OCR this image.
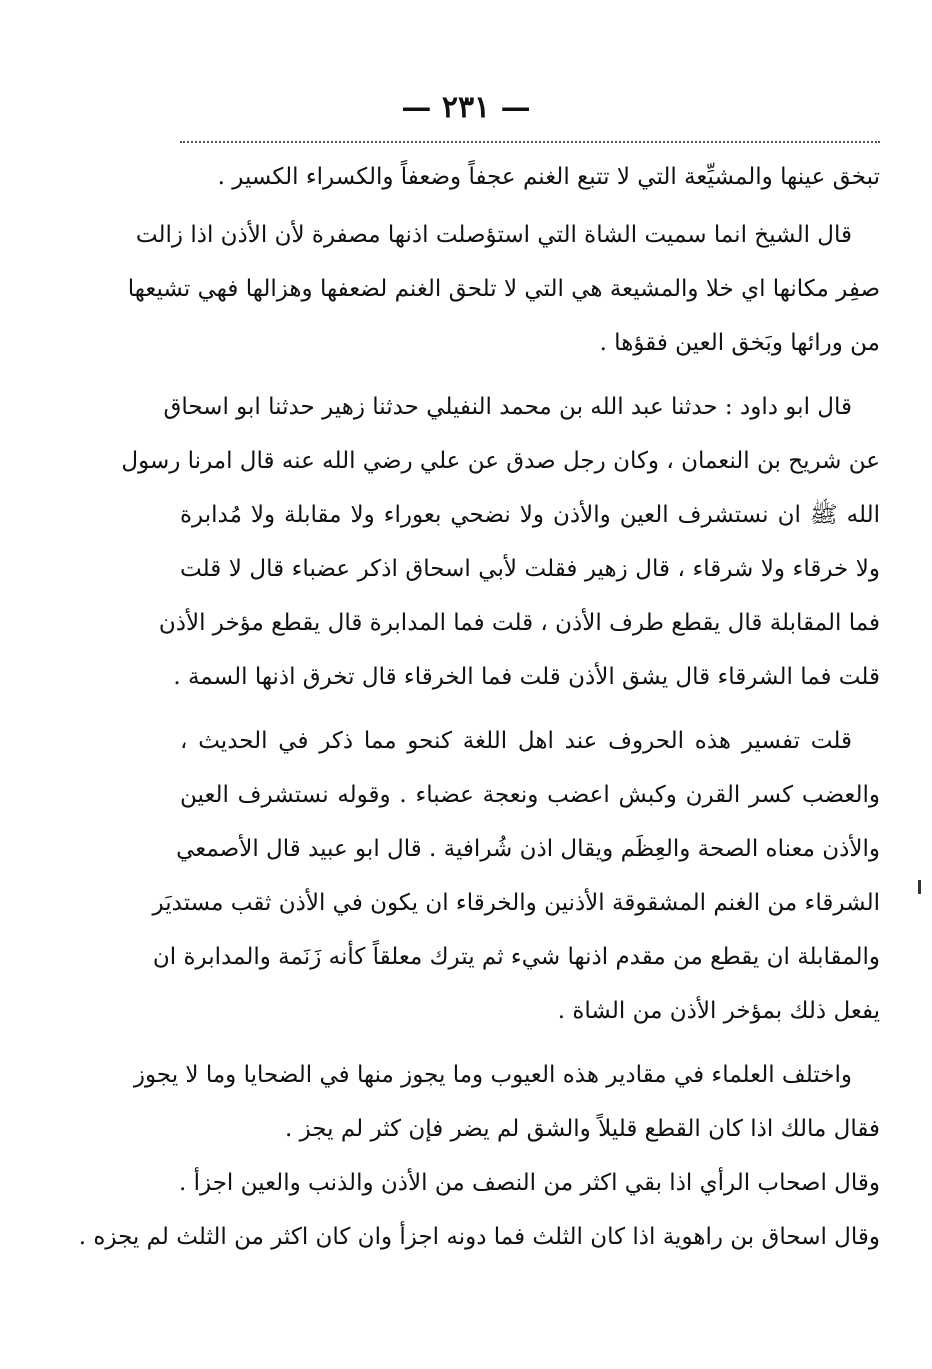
— ٢٣١ —
تبخق عينها والمشيِّعة التي لا تتبع الغنم عجفاً وضعفاً والكسراء الكسير .
قال الشيخ انما سميت الشاة التي استؤصلت اذنها مصفرة لأن الأذن اذا زالت
صفِر مكانها اي خلا والمشيعة هي التي لا تلحق الغنم لضعفها وهزالها فهي تشيعها
من ورائها وبَخق العين فقؤها .
قال ابو داود : حدثنا عبد الله بن محمد النفيلي حدثنا زهير حدثنا ابو اسحاق
عن شريح بن النعمان ، وكان رجل صدق عن علي رضي الله عنه قال امرنا رسول
الله ﷺ ان نستشرف العين والأذن ولا نضحي بعوراء ولا مقابلة ولا مُدابرة
ولا خرقاء ولا شرقاء ، قال زهير فقلت لأبي اسحاق اذكر عضباء قال لا قلت
فما المقابلة قال يقطع طرف الأذن ، قلت فما المدابرة قال يقطع مؤخر الأذن
قلت فما الشرقاء قال يشق الأذن قلت فما الخرقاء قال تخرق اذنها السمة .
قلت تفسير هذه الحروف عند اهل اللغة كنحو مما ذكر في الحديث ،
والعضب كسر القرن وكبش اعضب ونعجة عضباء . وقوله نستشرف العين
والأذن معناه الصحة والعِظَم ويقال اذن شُرافية . قال ابو عبيد قال الأصمعي
الشرقاء من الغنم المشقوقة الأذنين والخرقاء ان يكون في الأذن ثقب مستديَر
والمقابلة ان يقطع من مقدم اذنها شيء ثم يترك معلقاً كأنه زَنَمة والمدابرة ان
يفعل ذلك بمؤخر الأذن من الشاة .
واختلف العلماء في مقادير هذه العيوب وما يجوز منها في الضحايا وما لا يجوز
فقال مالك اذا كان القطع قليلاً والشق لم يضر فإن كثر لم يجز .
وقال اصحاب الرأي اذا بقي اكثر من النصف من الأذن والذنب والعين اجزأ .
وقال اسحاق بن راهوية اذا كان الثلث فما دونه اجزأ وان كان اكثر من الثلث لم يجزه .
